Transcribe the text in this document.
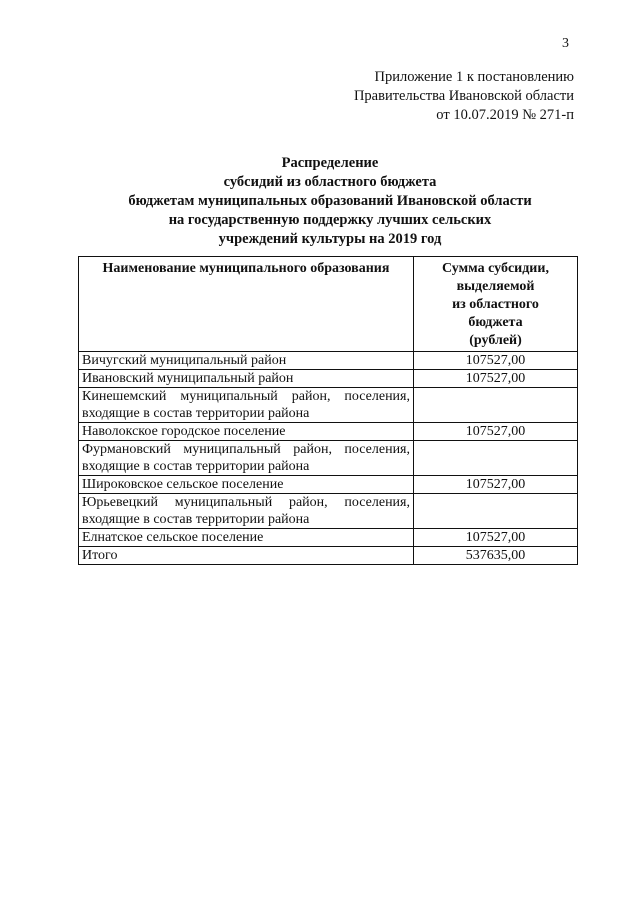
3
Приложение 1 к постановлению
Правительства Ивановской области
от 10.07.2019 № 271-п
Распределение
субсидий из областного бюджета
бюджетам муниципальных образований Ивановской области
на государственную поддержку лучших сельских
учреждений культуры на 2019 год
Наименование муниципального образования	Сумма субсидии,
выделяемой
из областного
бюджета
(рублей)

Вичугский муниципальный район	107527,00
Ивановский муниципальный район	107527,00
Кинешемский муниципальный район, поселения, входящие в состав территории района	
Наволокское городское поселение	107527,00
Фурмановский муниципальный район, поселения, входящие в состав территории района	
Широковское сельское поселение	107527,00
Юрьевецкий муниципальный район, поселения, входящие в состав территории района	
Елнатское сельское поселение	107527,00
Итого	537635,00
